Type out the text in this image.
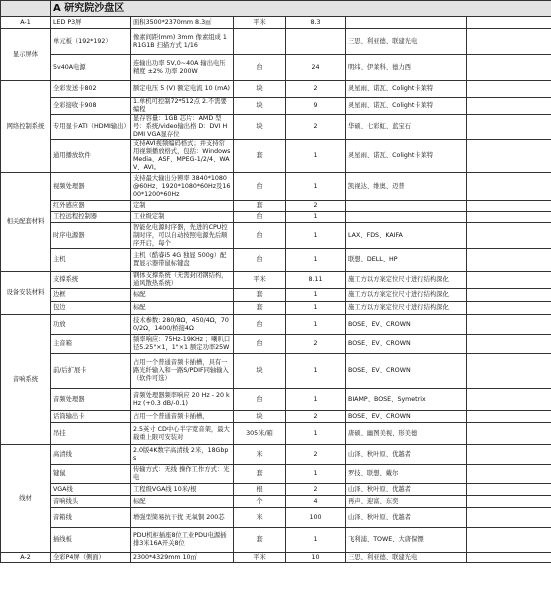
	A 研究院沙盘区					
A-1	LED P3屏	面积3500*2370mm 8.3㎡	平米	8.3		
显示屏体	单元板（192*192）	像素间距(mm) 3mm 像素组成 1R1G1B 扫描方式 1/16			三思、利亚德、联建光电	
	5v40A电源	连输出功率 5V,0~40A 输出电压精度 ±2% 功率 200W	台	24	明纬、伊莱科、德力西	
网络控制系统	全彩发送卡802	额定电压 5 (V) 额定电流 10 (mA)	块	2	灵星雨、诺瓦、Colight卡莱特	
	全彩接收卡908	1.单机可控制72*512点 2.不需要编程	块	9	灵星雨、诺瓦、Colight卡莱特	
	专用显卡ATI（HDMI输出）	显存容量：1GB 芯片：AMD 型号：系统/video输出格 D：DVI HDMI VGA显存位	块	2	华硕、七彩虹、蓝宝石	
	通用播放软件	支持AVI视频编码格式；并支持常用视频播放格式，包括：Windows Media、ASF、MPEG-1/2/4、WAV、AVI。	套	1	灵星雨、诺瓦、Colight卡莱特	
相关配套材料	视频处理器	支持最大输出分辨率 3840*1080@60Hz、1920*1080*60Hz及1600*1200*60Hz	台	1	凯视达、维奥、迈普	
	红外感应器	定制	套	2		
	工控远程控制器	工业级定制	台	1		
	时序电源器	智能化电源时序器，先进的CPU控制时序，可以自动按照电源先后顺序开启，每个	台	1	LAX、FDS、KAIFA	
	主机	主机（酷睿i5 4G 独显 500g）配置显示器带鼠标键盘	台	1	联想、DELL、HP	
设备安装材料	支撑系统	钢体支撑系统（无需封闭钢结构，通风散热系统）	平米	8.11	施工方以方案定位尺寸进行结构深化	
	边框	标配	套	1	施工方以方案定位尺寸进行结构深化	
	包边	标配	套	1	施工方以方案定位尺寸进行结构深化	
音响系统	功放	技术参数: 280/8Ω，450/4Ω，700/2Ω，1400/桥接4Ω	台	1	BOSE、EV、CROWN	
	主音箱	频率响应：75Hz-19KHz ；喇叭口径5.25"×1，1"×1 额定功率25W	台	2	BOSE、EV、CROWN	
	前/后扩展卡	占用一个普通音频卡插槽，具有一路光纤输入和一路S/PDIF同轴输入（软件可选）	块	1	BOSE、EV、CROWN	
	音频处理器	音频处理器频率响应 20 Hz - 20 kHz (+0.3 dB/-0.1)	台	1	BIAMP、BOSE、Symetrix	
	话筒输出卡	占用一个普通音频卡插槽，	块	2	BOSE、EV、CROWN	
	吊挂	2.5英寸 CD中心半字宽音架，最大载重上限可安装对	305米/箱	1	唐硕、幽图美视、形美德	
线材	高清线	2.0版4K数字高清线 2米，18Gbps	米	2	山泽、秋叶原、优越者	
	键鼠	传输方式：无线 操作工作方式：光电	套	1	罗技、联想、戴尔	
	VGA线	工程级VGA线 10米/根	根	2	山泽、秋叶原、优越者	
	音响线头	标配	个	4	再声、迎富、东奕	
	音箱线	增强型简易抗干扰 无氧铜 200芯	米	100	山泽、秋叶原、优越者	
	插线板	PDU机柜插座8位工业PDU电源插排3米16A开关8位	套	1	飞利浦、TOWE、大唐保镖	
A-2	全彩P4屏（侧面）	2300*4329mm 10㎡	平米	10	三思、利亚德、联建光电	
